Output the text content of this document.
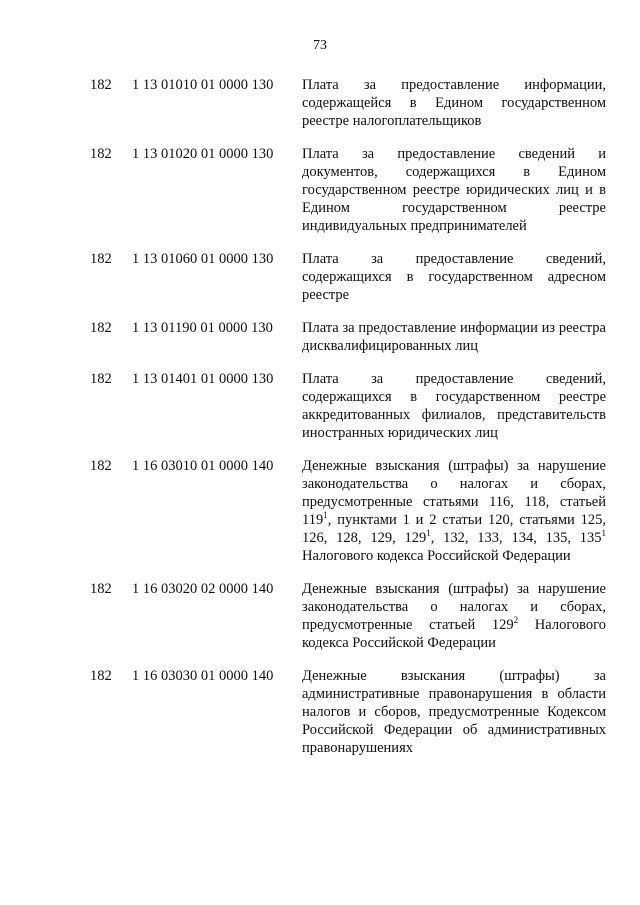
73
182	1 13 01010 01 0000 130	Плата за предоставление информации, содержащейся в Едином государственном реестре налогоплательщиков
182	1 13 01020 01 0000 130	Плата за предоставление сведений и документов, содержащихся в Едином государственном реестре юридических лиц и в Едином государственном реестре индивидуальных предпринимателей
182	1 13 01060 01 0000 130	Плата за предоставление сведений, содержащихся в государственном адресном реестре
182	1 13 01190 01 0000 130	Плата за предоставление информации из реестра дисквалифицированных лиц
182	1 13 01401 01 0000 130	Плата за предоставление сведений, содержащихся в государственном реестре аккредитованных филиалов, представительств иностранных юридических лиц
182	1 16 03010 01 0000 140	Денежные взыскания (штрафы) за нарушение законодательства о налогах и сборах, предусмотренные статьями 116, 118, статьей $119^1$, пунктами 1 и 2 статьи 120, статьями 125, 126, 128, 129, $129^1$, 132, 133, 134, 135, $135^1$ Налогового кодекса Российской Федерации
182	1 16 03020 02 0000 140	Денежные взыскания (штрафы) за нарушение законодательства о налогах и сборах, предусмотренные статьей $129^2$ Налогового кодекса Российской Федерации
182	1 16 03030 01 0000 140	Денежные взыскания (штрафы) за административные правонарушения в области налогов и сборов, предусмотренные Кодексом Российской Федерации об административных правонарушениях
